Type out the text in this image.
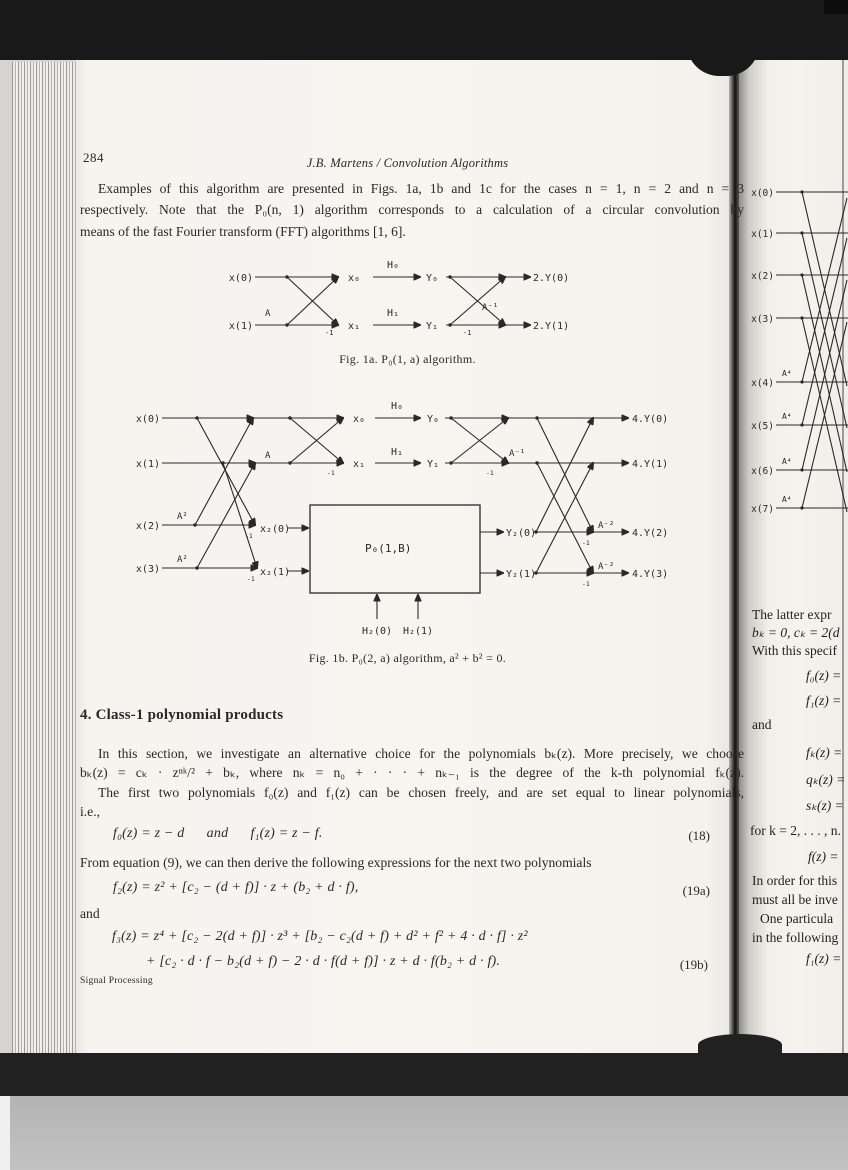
284	J.B. Martens / Convolution Algorithms
Examples of this algorithm are presented in Figs. 1a, 1b and 1c for the cases n = 1, n = 2 and n = 3
respectively. Note that the P₀(n, 1) algorithm corresponds to a calculation of a circular convolution by
means of the fast Fourier transform (FFT) algorithms [1, 6].
x(0)
x(1)
A
-1
x₀
x₁
H₀
H₁
Y₀
Y₁
A⁻¹
-1
2.Y(0)
2.Y(1)
Fig. 1a. P₀(1, a) algorithm.
P₀(1,B)
x(0)
x(1)
x(2)
x(3)
A²
A²
A
-1
-1
-1
x₂(0)
x₂(1)
x₀
x₁
H₀
H₁
Y₀
Y₁
A⁻¹
-1
Y₂(0)
Y₂(1)
A⁻²
A⁻²
-1
-1
4.Y(0)
4.Y(1)
4.Y(2)
4.Y(3)
H₂(0) H₂(1)
Fig. 1b. P₀(2, a) algorithm, a² + b² = 0.
4. Class-1 polynomial products
In this section, we investigate an alternative choice for the polynomials bₖ(z). More precisely, we choose
bₖ(z) = cₖ · zⁿᵏ/² + bₖ, where nₖ = n₀ + · · · + nₖ₋₁ is the degree of the k-th polynomial fₖ(z).
The first two polynomials f₀(z) and f₁(z) can be chosen freely, and are set equal to linear polynomials,
i.e.,
f₀(z) = z − d      and      f₁(z) = z − f.	(18)
From equation (9), we can then derive the following expressions for the next two polynomials
f₂(z) = z² + [c₂ − (d + f)] · z + (b₂ + d · f),	(19a)
and
f₃(z) = z⁴ + [c₂ − 2(d + f)] · z³ + [b₂ − c₂(d + f) + d² + f² + 4 · d · f] · z²
+ [c₂ · d · f − b₂(d + f) − 2 · d · f(d + f)] · z + d · f(b₂ + d · f).	(19b)
Signal Processing
x(0)
x(1)
x(2)
x(3)
x(4)
x(5)
x(6)
x(7)
A⁴
A⁴
A⁴
A⁴
The latter expr
bₖ = 0, cₖ = 2(d
With this specif
f₀(z) =
f₁(z) =
and
fₖ(z) =
qₖ(z) =
sₖ(z) =
for k = 2, . . . , n.
f(z) =
In order for this
must all be inve
One particula
in the following
f₁(z) =
